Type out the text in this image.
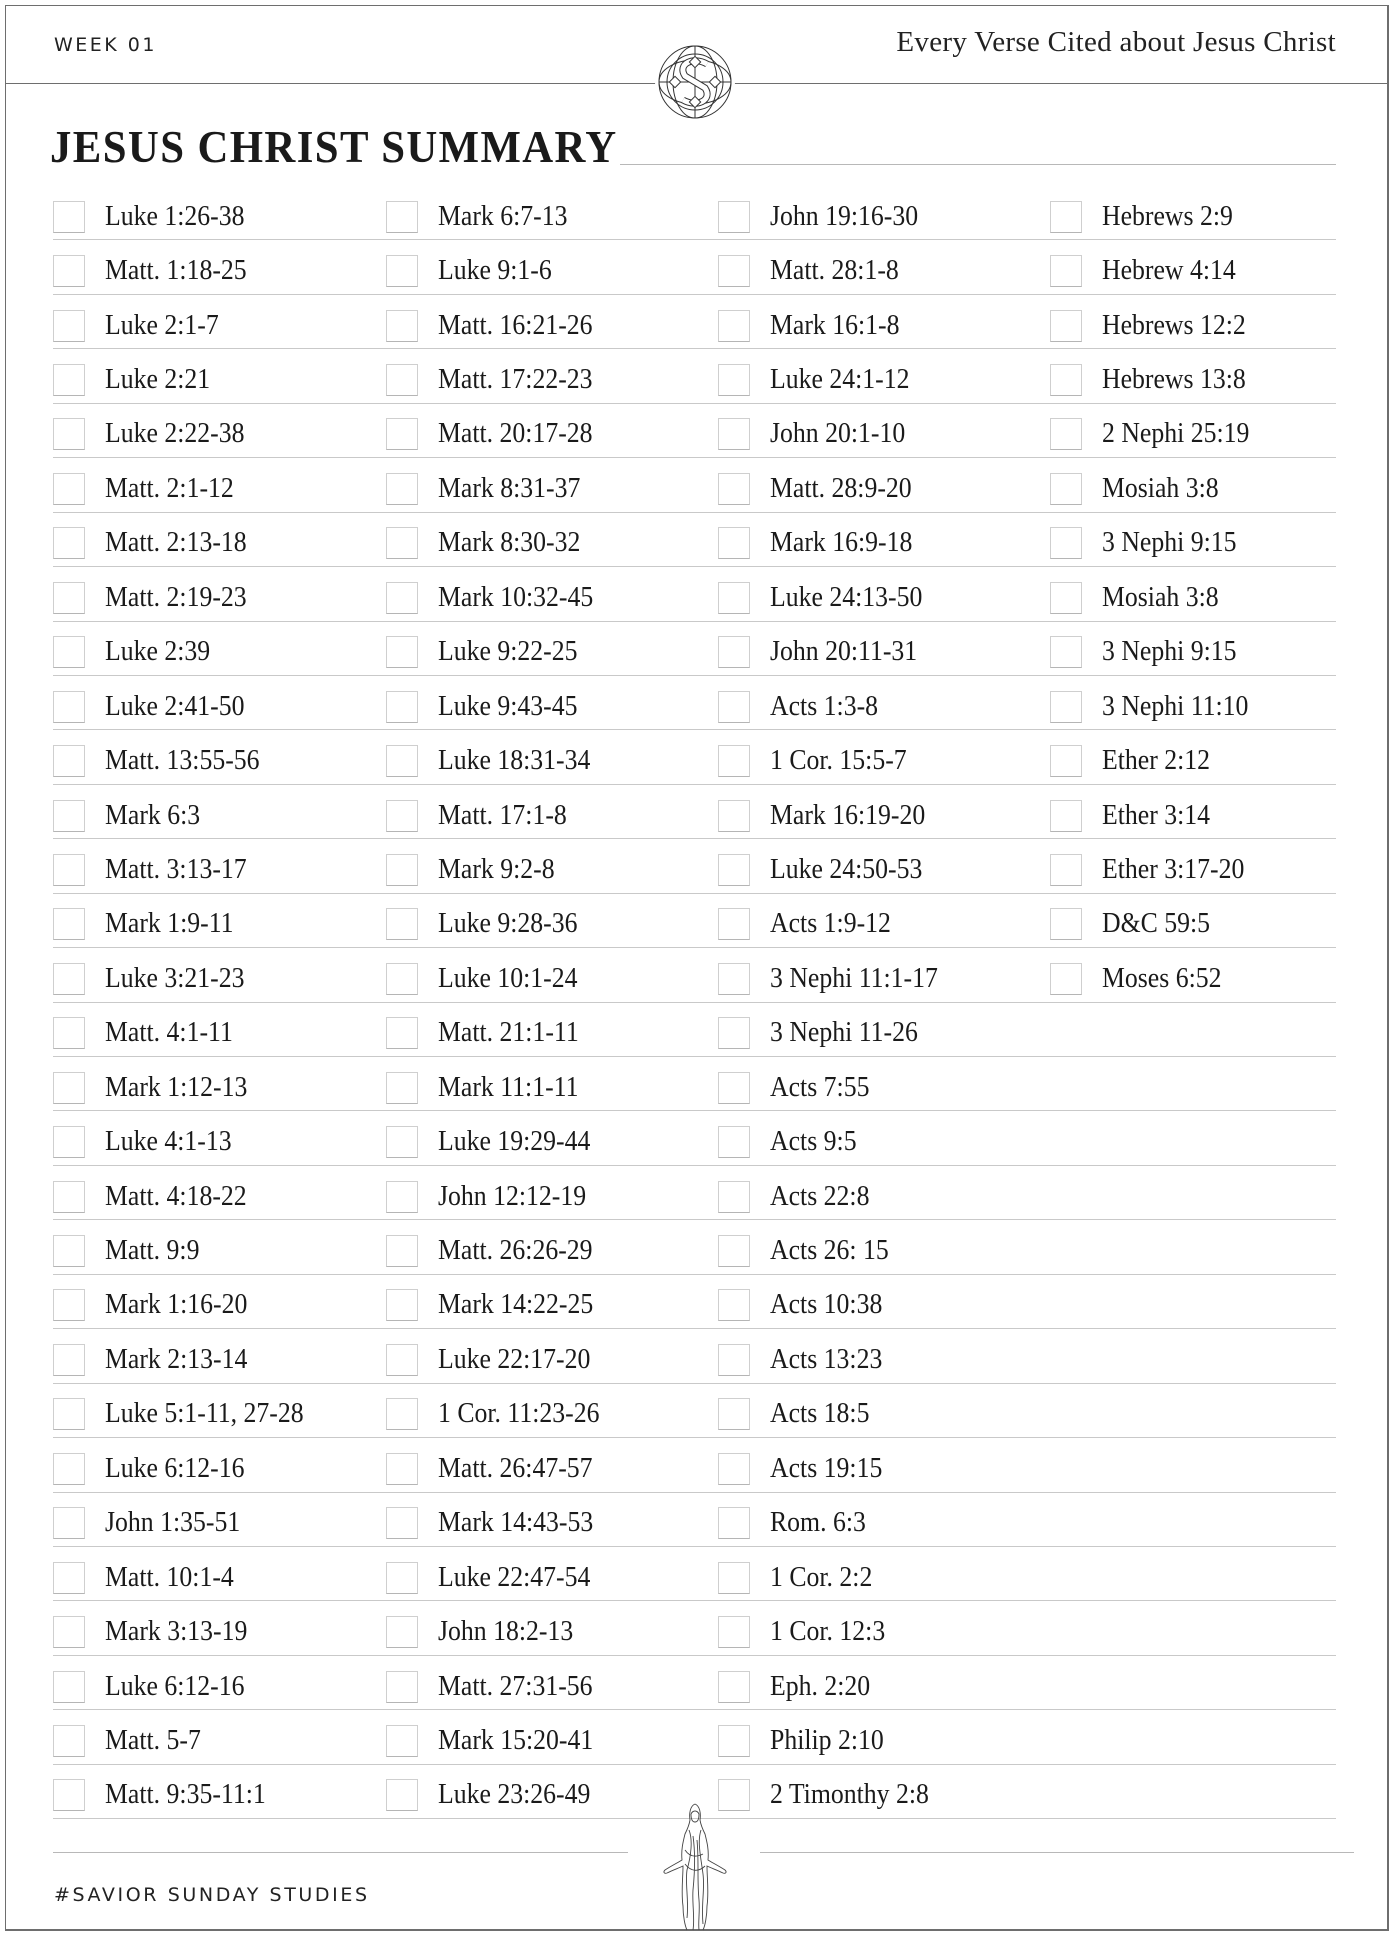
WEEK 01	Every Verse Cited about Jesus Christ
JESUS CHRIST SUMMARY
Luke 1:26-38	Mark 6:7-13	John 19:16-30	Hebrews 2:9
Matt. 1:18-25	Luke 9:1-6	Matt. 28:1-8	Hebrew 4:14
Luke 2:1-7	Matt. 16:21-26	Mark 16:1-8	Hebrews 12:2
Luke 2:21	Matt. 17:22-23	Luke 24:1-12	Hebrews 13:8
Luke 2:22-38	Matt. 20:17-28	John 20:1-10	2 Nephi 25:19
Matt. 2:1-12	Mark 8:31-37	Matt. 28:9-20	Mosiah 3:8
Matt. 2:13-18	Mark 8:30-32	Mark 16:9-18	3 Nephi 9:15
Matt. 2:19-23	Mark 10:32-45	Luke 24:13-50	Mosiah 3:8
Luke 2:39	Luke 9:22-25	John 20:11-31	3 Nephi 9:15
Luke 2:41-50	Luke 9:43-45	Acts 1:3-8	3 Nephi 11:10
Matt. 13:55-56	Luke 18:31-34	1 Cor. 15:5-7	Ether 2:12
Mark 6:3	Matt. 17:1-8	Mark 16:19-20	Ether 3:14
Matt. 3:13-17	Mark 9:2-8	Luke 24:50-53	Ether 3:17-20
Mark 1:9-11	Luke 9:28-36	Acts 1:9-12	D&C 59:5
Luke 3:21-23	Luke 10:1-24	3 Nephi 11:1-17	Moses 6:52
Matt. 4:1-11	Matt. 21:1-11	3 Nephi 11-26
Mark 1:12-13	Mark 11:1-11	Acts 7:55
Luke 4:1-13	Luke 19:29-44	Acts 9:5
Matt. 4:18-22	John 12:12-19	Acts 22:8
Matt. 9:9	Matt. 26:26-29	Acts 26: 15
Mark 1:16-20	Mark 14:22-25	Acts 10:38
Mark 2:13-14	Luke 22:17-20	Acts 13:23
Luke 5:1-11, 27-28	1 Cor. 11:23-26	Acts 18:5
Luke 6:12-16	Matt. 26:47-57	Acts 19:15
John 1:35-51	Mark 14:43-53	Rom. 6:3
Matt. 10:1-4	Luke 22:47-54	1 Cor. 2:2
Mark 3:13-19	John 18:2-13	1 Cor. 12:3
Luke 6:12-16	Matt. 27:31-56	Eph. 2:20
Matt. 5-7	Mark 15:20-41	Philip 2:10
Matt. 9:35-11:1	Luke 23:26-49	2 Timonthy 2:8
#SAVIOR SUNDAY STUDIES
